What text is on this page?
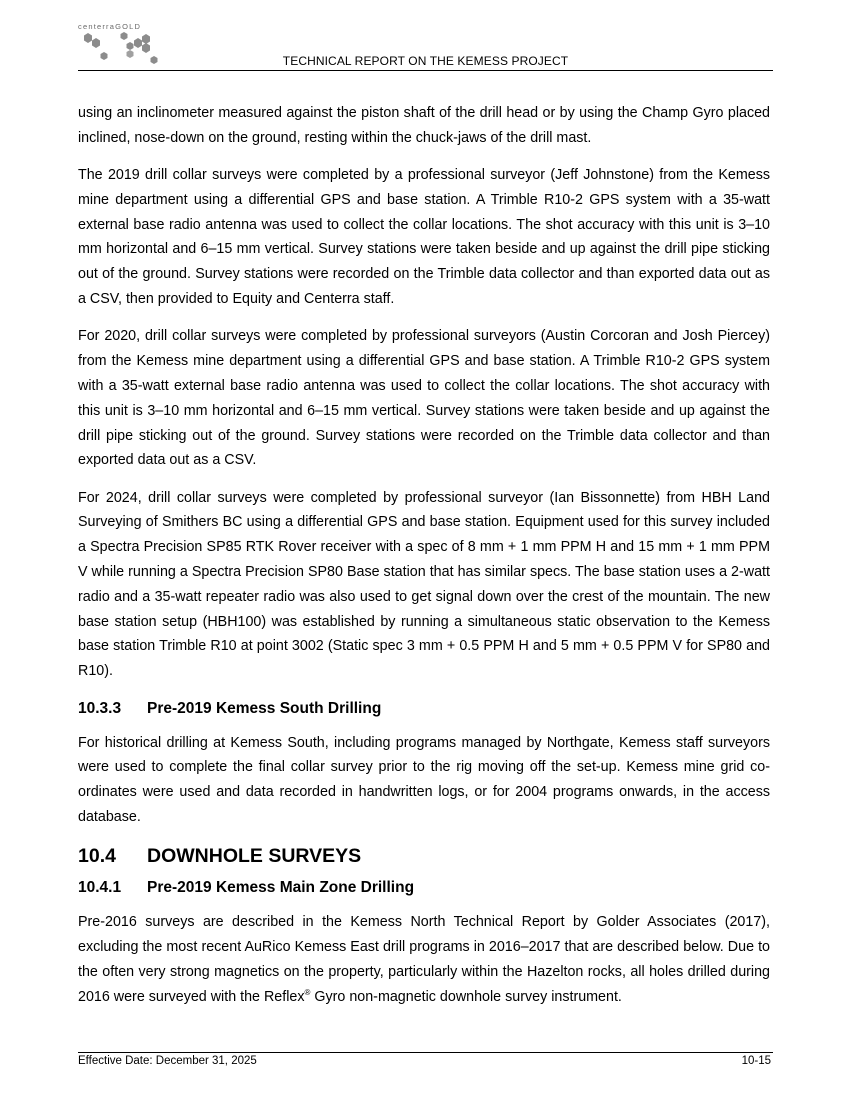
centerraGOLD
TECHNICAL REPORT ON THE KEMESS PROJECT

using an inclinometer measured against the piston shaft of the drill head or by using the Champ Gyro placed inclined, nose-down on the ground, resting within the chuck-jaws of the drill mast.

The 2019 drill collar surveys were completed by a professional surveyor (Jeff Johnstone) from the Kemess mine department using a differential GPS and base station. A Trimble R10-2 GPS system with a 35-watt external base radio antenna was used to collect the collar locations. The shot accuracy with this unit is 3–10 mm horizontal and 6–15 mm vertical. Survey stations were taken beside and up against the drill pipe sticking out of the ground. Survey stations were recorded on the Trimble data collector and than exported data out as a CSV, then provided to Equity and Centerra staff.

For 2020, drill collar surveys were completed by professional surveyors (Austin Corcoran and Josh Piercey) from the Kemess mine department using a differential GPS and base station. A Trimble R10-2 GPS system with a 35-watt external base radio antenna was used to collect the collar locations. The shot accuracy with this unit is 3–10 mm horizontal and 6–15 mm vertical. Survey stations were taken beside and up against the drill pipe sticking out of the ground. Survey stations were recorded on the Trimble data collector and than exported data out as a CSV.

For 2024, drill collar surveys were completed by professional surveyor (Ian Bissonnette) from HBH Land Surveying of Smithers BC using a differential GPS and base station. Equipment used for this survey included a Spectra Precision SP85 RTK Rover receiver with a spec of 8 mm + 1 mm PPM H and 15 mm + 1 mm PPM V while running a Spectra Precision SP80 Base station that has similar specs. The base station uses a 2-watt radio and a 35-watt repeater radio was also used to get signal down over the crest of the mountain. The new base station setup (HBH100) was established by running a simultaneous static observation to the Kemess base station Trimble R10 at point 3002 (Static spec 3 mm + 0.5 PPM H and 5 mm + 0.5 PPM V for SP80 and R10).

10.3.3 Pre-2019 Kemess South Drilling

For historical drilling at Kemess South, including programs managed by Northgate, Kemess staff surveyors were used to complete the final collar survey prior to the rig moving off the set-up. Kemess mine grid co-ordinates were used and data recorded in handwritten logs, or for 2004 programs onwards, in the access database.

10.4 DOWNHOLE SURVEYS
10.4.1 Pre-2019 Kemess Main Zone Drilling

Pre-2016 surveys are described in the Kemess North Technical Report by Golder Associates (2017), excluding the most recent AuRico Kemess East drill programs in 2016–2017 that are described below. Due to the often very strong magnetics on the property, particularly within the Hazelton rocks, all holes drilled during 2016 were surveyed with the Reflex® Gyro non-magnetic downhole survey instrument.

Effective Date: December 31, 2025	10-15
